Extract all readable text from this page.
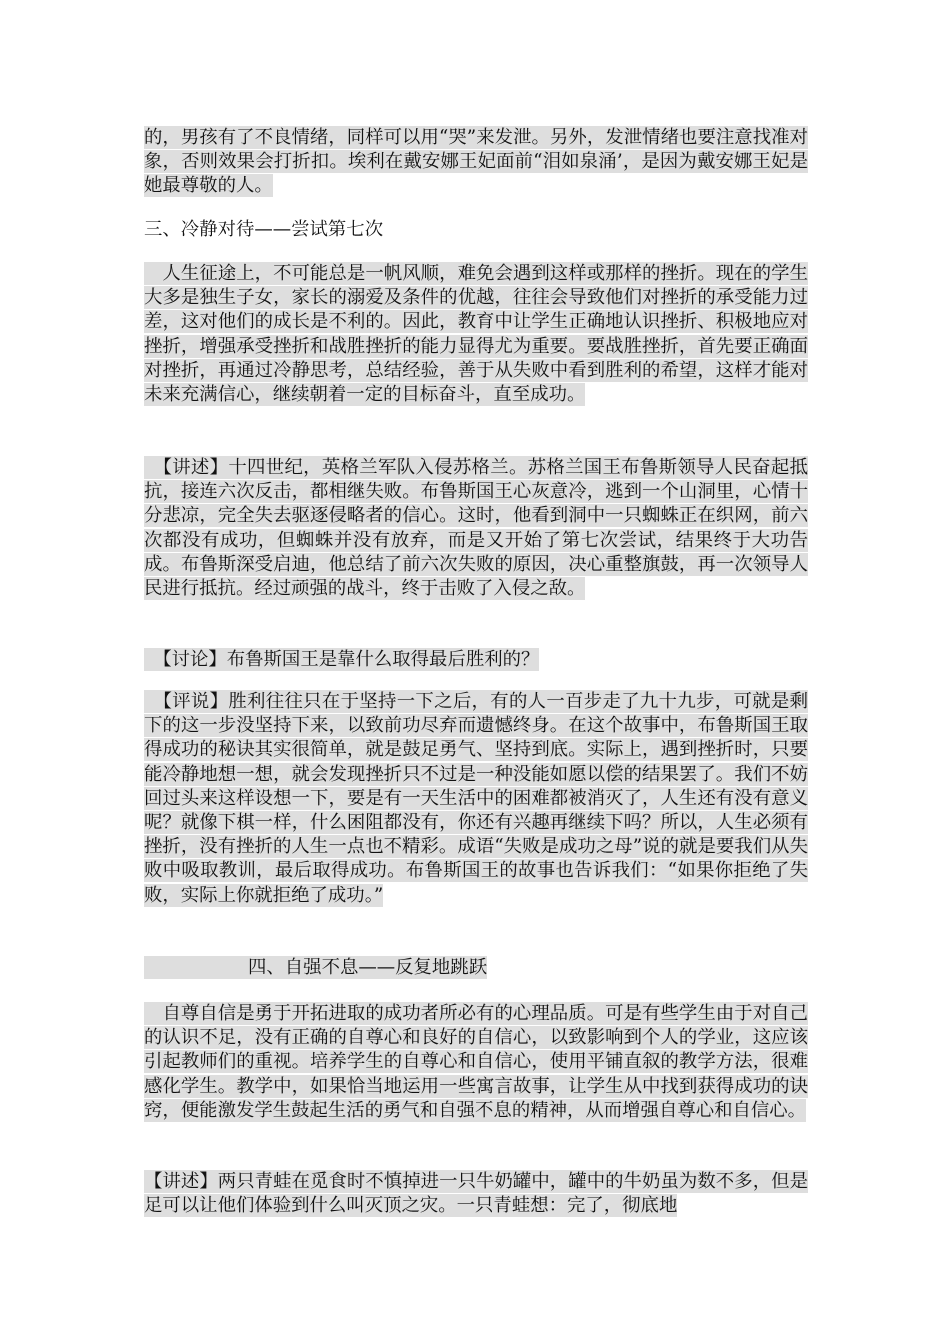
的，男孩有了不良情绪，同样可以用“哭”来发泄。另外，发泄情绪也要注意找准对象，否则效果会打折扣。埃利在戴安娜王妃面前“泪如泉涌’，是因为戴安娜王妃是她最尊敬的人。
三、冷静对待——尝试第七次
　人生征途上，不可能总是一帆风顺，难免会遇到这样或那样的挫折。现在的学生大多是独生子女，家长的溺爱及条件的优越，往往会导致他们对挫折的承受能力过差，这对他们的成长是不利的。因此，教育中让学生正确地认识挫折、积极地应对挫折，增强承受挫折和战胜挫折的能力显得尤为重要。要战胜挫折，首先要正确面对挫折，再通过冷静思考，总结经验，善于从失败中看到胜利的希望，这样才能对未来充满信心，继续朝着一定的目标奋斗，直至成功。
　【讲述】十四世纪，英格兰军队入侵苏格兰。苏格兰国王布鲁斯领导人民奋起抵抗，接连六次反击，都相继失败。布鲁斯国王心灰意冷，逃到一个山洞里，心情十分悲凉，完全失去驱逐侵略者的信心。这时，他看到洞中一只蜘蛛正在织网，前六次都没有成功，但蜘蛛并没有放弃，而是又开始了第七次尝试，结果终于大功告成。布鲁斯深受启迪，他总结了前六次失败的原因，决心重整旗鼓，再一次领导人民进行抵抗。经过顽强的战斗，终于击败了入侵之敌。
　【讨论】布鲁斯国王是靠什么取得最后胜利的？
　【评说】胜利往往只在于坚持一下之后，有的人一百步走了九十九步，可就是剩下的这一步没坚持下来，以致前功尽弃而遗憾终身。在这个故事中，布鲁斯国王取得成功的秘诀其实很简单，就是鼓足勇气、坚持到底。实际上，遇到挫折时，只要能冷静地想一想，就会发现挫折只不过是一种没能如愿以偿的结果罢了。我们不妨回过头来这样设想一下，要是有一天生活中的困难都被消灭了，人生还有没有意义呢？就像下棋一样，什么困阻都没有，你还有兴趣再继续下吗？所以，人生必须有挫折，没有挫折的人生一点也不精彩。成语“失败是成功之母”说的就是要我们从失败中吸取教训，最后取得成功。布鲁斯国王的故事也告诉我们：“如果你拒绝了失败，实际上你就拒绝了成功。”
四、自强不息——反复地跳跃
　自尊自信是勇于开拓进取的成功者所必有的心理品质。可是有些学生由于对自己的认识不足，没有正确的自尊心和良好的自信心，以致影响到个人的学业，这应该引起教师们的重视。培养学生的自尊心和自信心，使用平铺直叙的教学方法，很难感化学生。教学中，如果恰当地运用一些寓言故事，让学生从中找到获得成功的诀窍，便能激发学生鼓起生活的勇气和自强不息的精神，从而增强自尊心和自信心。
【讲述】两只青蛙在觅食时不慎掉进一只牛奶罐中，罐中的牛奶虽为数不多，但是足可以让他们体验到什么叫灭顶之灾。一只青蛙想：完了，彻底地
